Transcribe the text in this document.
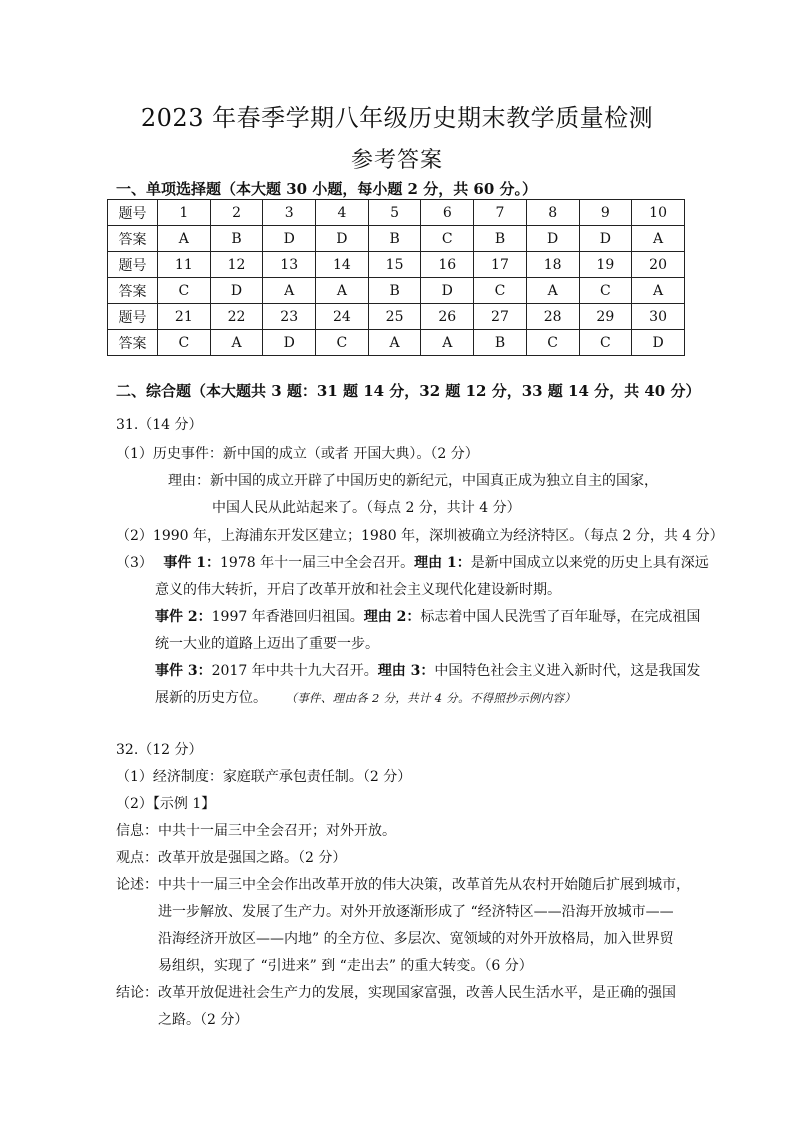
2023 年春季学期八年级历史期末教学质量检测
参考答案
一、单项选择题（本大题 30 小题，每小题 2 分，共 60 分。）
题号	1	2	3	4	5	6	7	8	9	10
答案	A	B	D	D	B	C	B	D	D	A
题号	11	12	13	14	15	16	17	18	19	20
答案	C	D	A	A	B	D	C	A	C	A
题号	21	22	23	24	25	26	27	28	29	30
答案	C	A	D	C	A	A	B	C	C	D
二、综合题（本大题共 3 题：31 题 14 分，32 题 12 分，33 题 14 分，共 40 分）
31.（14 分）
（1）历史事件：新中国的成立（或者 开国大典）。（2 分）
理由：新中国的成立开辟了中国历史的新纪元，中国真正成为独立自主的国家，
中国人民从此站起来了。（每点 2 分，共计 4 分）
（2）1990 年，上海浦东开发区建立；1980 年，深圳被确立为经济特区。（每点 2 分，共 4 分）
（3） 事件 1：1978 年十一届三中全会召开。理由 1：是新中国成立以来党的历史上具有深远
意义的伟大转折，开启了改革开放和社会主义现代化建设新时期。
事件 2：1997 年香港回归祖国。理由 2：标志着中国人民洗雪了百年耻辱，在完成祖国
统一大业的道路上迈出了重要一步。
事件 3：2017 年中共十九大召开。理由 3：中国特色社会主义进入新时代，这是我国发
展新的历史方位。 （事件、理由各 2 分，共计 4 分。不得照抄示例内容）
32.（12 分）
（1）经济制度：家庭联产承包责任制。（2 分）
（2）【示例 1】
信息：中共十一届三中全会召开；对外开放。
观点：改革开放是强国之路。（2 分）
论述：中共十一届三中全会作出改革开放的伟大决策，改革首先从农村开始随后扩展到城市，
进一步解放、发展了生产力。对外开放逐渐形成了 “经济特区——沿海开放城市——
沿海经济开放区——内地” 的全方位、多层次、宽领域的对外开放格局，加入世界贸
易组织，实现了 “引进来” 到 “走出去” 的重大转变。（6 分）
结论：改革开放促进社会生产力的发展，实现国家富强，改善人民生活水平，是正确的强国
之路。（2 分）
